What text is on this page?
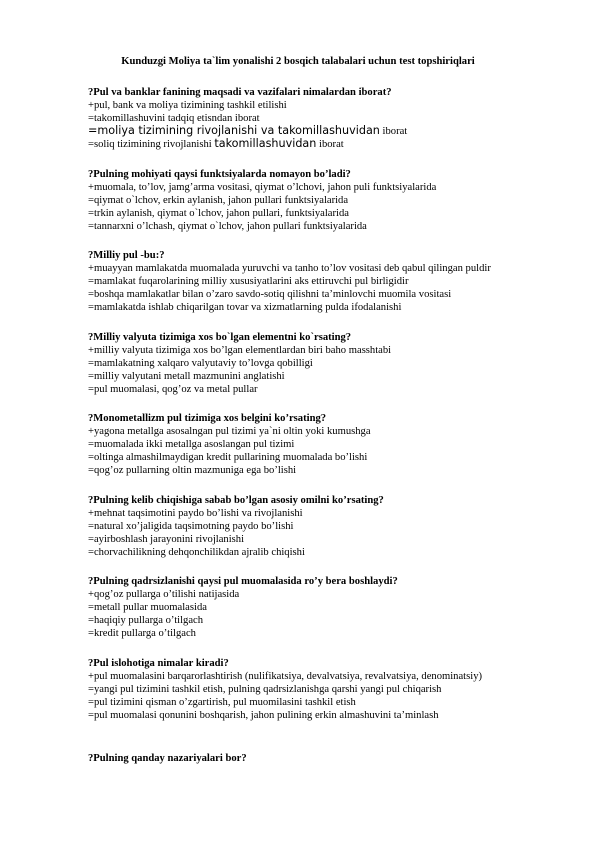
Kunduzgi Moliya ta`lim yonalishi 2 bosqich talabalari uchun test topshiriqlari
?Pul va banklar fanining maqsadi va vazifalari nimalardan iborat?
+pul, bank va moliya tizimining tashkil etilishi
=takomillashuvini tadqiq etisndan iborat
=moliya tizimining rivojlanishi va takomillashuvidan iborat
=soliq tizimining rivojlanishi takomillashuvidan iborat
?Pulning mohiyati qaysi funktsiyalarda nomayon bo’ladi?
+muomala, to’lov, jamg’arma vositasi, qiymat o’lchovi, jahon puli funktsiyalarida
=qiymat o`lchov, erkin aylanish, jahon pullari funktsiyalarida
=trkin aylanish, qiymat o`lchov, jahon pullari, funktsiyalarida
=tannarxni o’lchash, qiymat o`lchov, jahon pullari funktsiyalarida
?Milliy pul -bu:?
+muayyan mamlakatda muomalada yuruvchi va tanho to’lov vositasi deb qabul qilingan puldir
=mamlakat fuqarolarining milliy xususiyatlarini aks ettiruvchi pul birligidir
=boshqa mamlakatlar bilan o’zaro savdo-sotiq qilishni ta’minlovchi muomila vositasi
=mamlakatda ishlab chiqarilgan tovar va xizmatlarning pulda ifodalanishi
?Milliy valyuta tizimiga xos bo`lgan elementni ko`rsating?
+milliy valyuta tizimiga xos bo’lgan elementlardan biri baho masshtabi
=mamlakatning xalqaro valyutaviy to’lovga qobilligi
=milliy valyutani metall mazmunini anglatishi
=pul muomalasi, qog’oz va metal pullar
?Monometallizm pul tizimiga xos belgini ko’rsating?
+yagona metallga asosalngan pul tizimi ya`ni oltin yoki kumushga
=muomalada ikki metallga asoslangan pul tizimi
=oltinga almashilmaydigan kredit pullarining muomalada bo’lishi
=qog’oz pullarning oltin mazmuniga ega bo’lishi
?Pulning kelib chiqishiga sabab bo’lgan asosiy omilni ko’rsating?
+mehnat taqsimotini paydo bo’lishi va rivojlanishi
=natural xo’jaligida taqsimotning paydo bo’lishi
=ayirboshlash jarayonini rivojlanishi
=chorvachilikning dehqonchilikdan ajralib chiqishi
?Pulning qadrsizlanishi qaysi pul muomalasida ro’y bera boshlaydi?
+qog’oz pullarga o’tilishi natijasida
=metall pullar muomalasida
=haqiqiy pullarga o’tilgach
=kredit pullarga o’tilgach
?Pul islohotiga nimalar kiradi?
+pul muomalasini barqarorlashtirish (nulifikatsiya, devalvatsiya, revalvatsiya, denominatsiy)
=yangi pul tizimini tashkil etish, pulning qadrsizlanishga qarshi yangi pul chiqarish
=pul tizimini qisman o’zgartirish, pul muomilasini tashkil etish
=pul muomalasi qonunini boshqarish, jahon pulining erkin almashuvini ta’minlash
?Pulning qanday nazariyalari bor?
